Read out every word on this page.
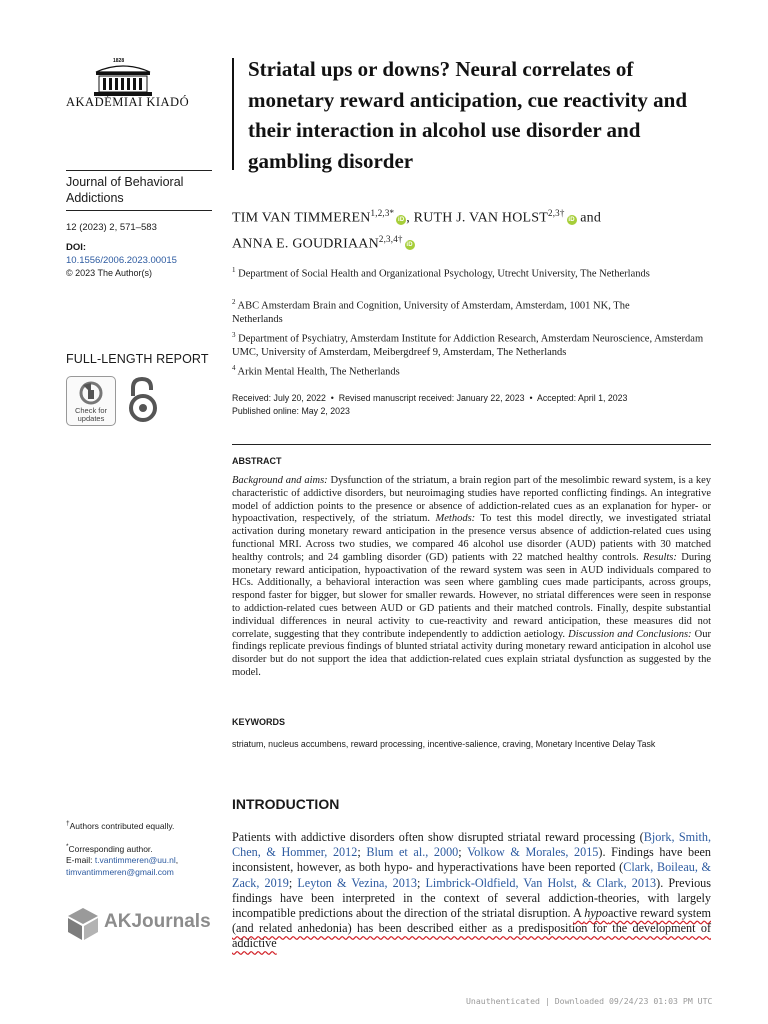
1828
AKADÉMIAI KIADÓ
Journal of Behavioral Addictions
12 (2023) 2, 571–583
DOI:
10.1556/2006.2023.00015
© 2023 The Author(s)
FULL-LENGTH REPORT
Check for updates
†Authors contributed equally.
*Corresponding author.
E-mail: t.vantimmeren@uu.nl,
timvantimmeren@gmail.com
AKJournals
Striatal ups or downs? Neural correlates of monetary reward anticipation, cue reactivity and their interaction in alcohol use disorder and gambling disorder
TIM VAN $TIMMEREN^{1,2,3*}iD$ , RUTH J. VAN $HOLST^{2,3\dagger}iD$ and
ANNA E. $GOUDRIAAN^{2,3,4\dagger}iD$
$^1$ Department of Social Health and Organizational Psychology, Utrecht University, The Netherlands
$^2$ ABC Amsterdam Brain and Cognition, University of Amsterdam, Amsterdam, 1001 NK, The Netherlands
$^3$ Department of Psychiatry, Amsterdam Institute for Addiction Research, Amsterdam Neuroscience, Amsterdam UMC, University of Amsterdam, Meibergdreef 9, Amsterdam, The Netherlands
$^4$ Arkin Mental Health, The Netherlands
Received: July 20, 2022  •  Revised manuscript received: January 22, 2023  •  Accepted: April 1, 2023
Published online: May 2, 2023
ABSTRACT
Background and aims: Dysfunction of the striatum, a brain region part of the mesolimbic reward system, is a key characteristic of addictive disorders, but neuroimaging studies have reported conflicting findings. An integrative model of addiction points to the presence or absence of addiction-related cues as an explanation for hyper- or hypoactivation, respectively, of the striatum. Methods: To test this model directly, we investigated striatal activation during monetary reward anticipation in the presence versus absence of addiction-related cues using functional MRI. Across two studies, we compared 46 alcohol use disorder (AUD) patients with 30 matched healthy controls; and 24 gambling disorder (GD) patients with 22 matched healthy controls. Results: During monetary reward anticipation, hypoactivation of the reward system was seen in AUD individuals compared to HCs. Additionally, a behavioral interaction was seen where gambling cues made participants, across groups, respond faster for bigger, but slower for smaller rewards. However, no striatal differences were seen in response to addiction-related cues between AUD or GD patients and their matched controls. Finally, despite substantial individual differences in neural activity to cue-reactivity and reward anticipation, these measures did not correlate, suggesting that they contribute independently to addiction aetiology. Discussion and Conclusions: Our findings replicate previous findings of blunted striatal activity during monetary reward anticipation in alcohol use disorder but do not support the idea that addiction-related cues explain striatal dysfunction as suggested by the model.
KEYWORDS
striatum, nucleus accumbens, reward processing, incentive-salience, craving, Monetary Incentive Delay Task
INTRODUCTION
Patients with addictive disorders often show disrupted striatal reward processing (Bjork, Smith, Chen, & Hommer, 2012; Blum et al., 2000; Volkow & Morales, 2015). Findings have been inconsistent, however, as both hypo- and hyperactivations have been reported (Clark, Boileau, & Zack, 2019; Leyton & Vezina, 2013; Limbrick-Oldfield, Van Holst, & Clark, 2013). Previous findings have been interpreted in the context of several addiction-theories, with largely incompatible predictions about the direction of the striatal disruption. A hypoactive reward system (and related anhedonia) has been described either as a predisposition for the development of addictive
Unauthenticated | Downloaded 09/24/23 01:03 PM UTC
